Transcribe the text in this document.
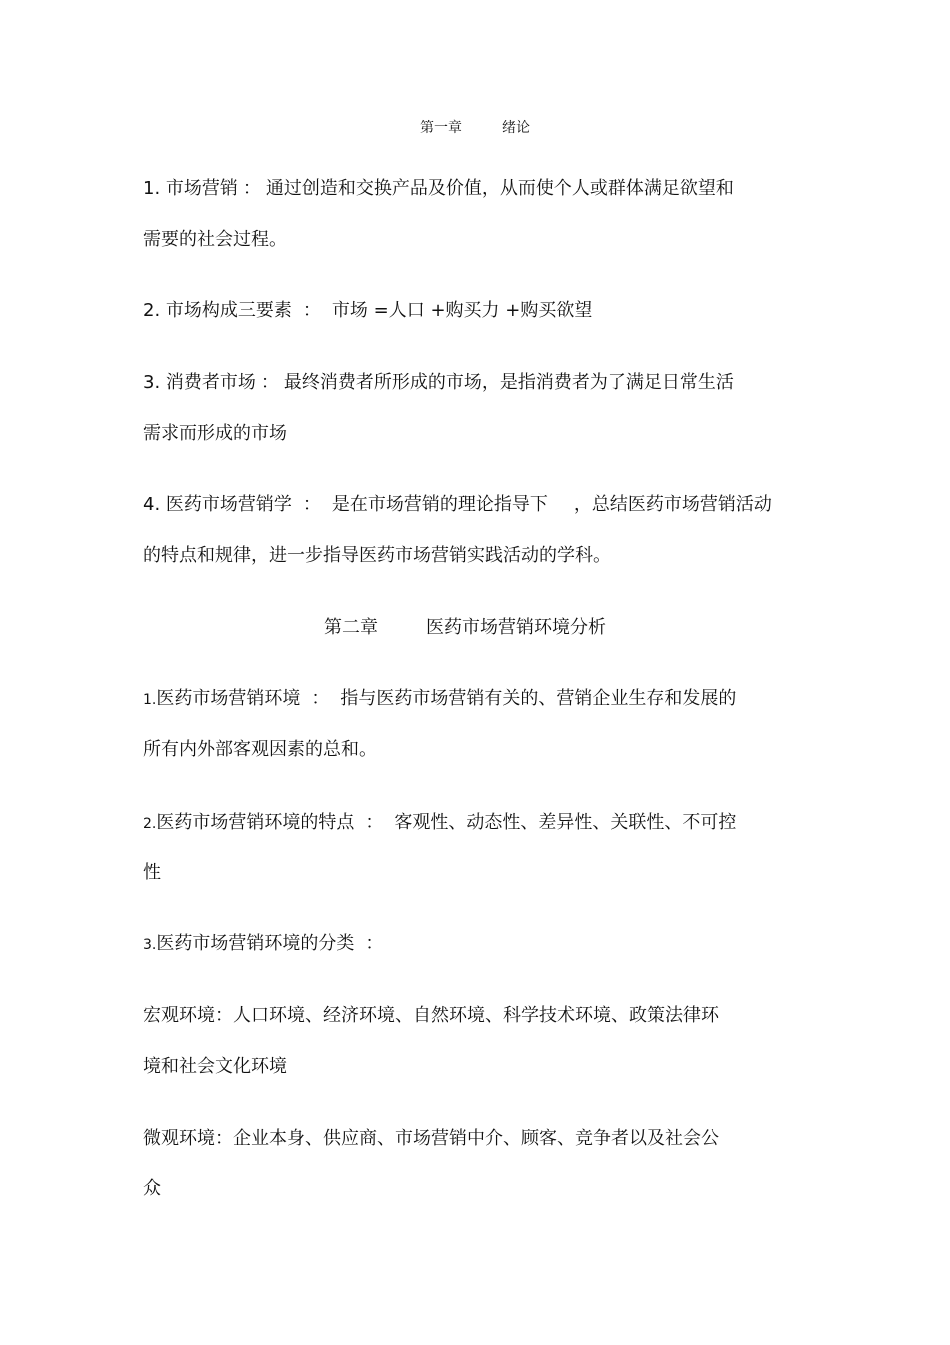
第一章	绪论
1. 市场营销 ： 通过创造和交换产品及价值，从而使个人或群体满足欲望和
需要的社会过程。
2. 市场构成三要素 ： 市场 =人口 +购买力 +购买欲望
3. 消费者市场 ： 最终消费者所形成的市场，是指消费者为了满足日常生活
需求而形成的市场
4. 医药市场营销学 ： 是在市场营销的理论指导下 ，总结医药市场营销活动
的特点和规律，进一步指导医药市场营销实践活动的学科。
第二章	医药市场营销环境分析
1.医药市场营销环境 ： 指与医药市场营销有关的、营销企业生存和发展的
所有内外部客观因素的总和。
2.医药市场营销环境的特点 ： 客观性、动态性、差异性、关联性、不可控
性
3.医药市场营销环境的分类 ：
宏观环境：人口环境、经济环境、自然环境、科学技术环境、政策法律环
境和社会文化环境
微观环境：企业本身、供应商、市场营销中介、顾客、竞争者以及社会公
众
